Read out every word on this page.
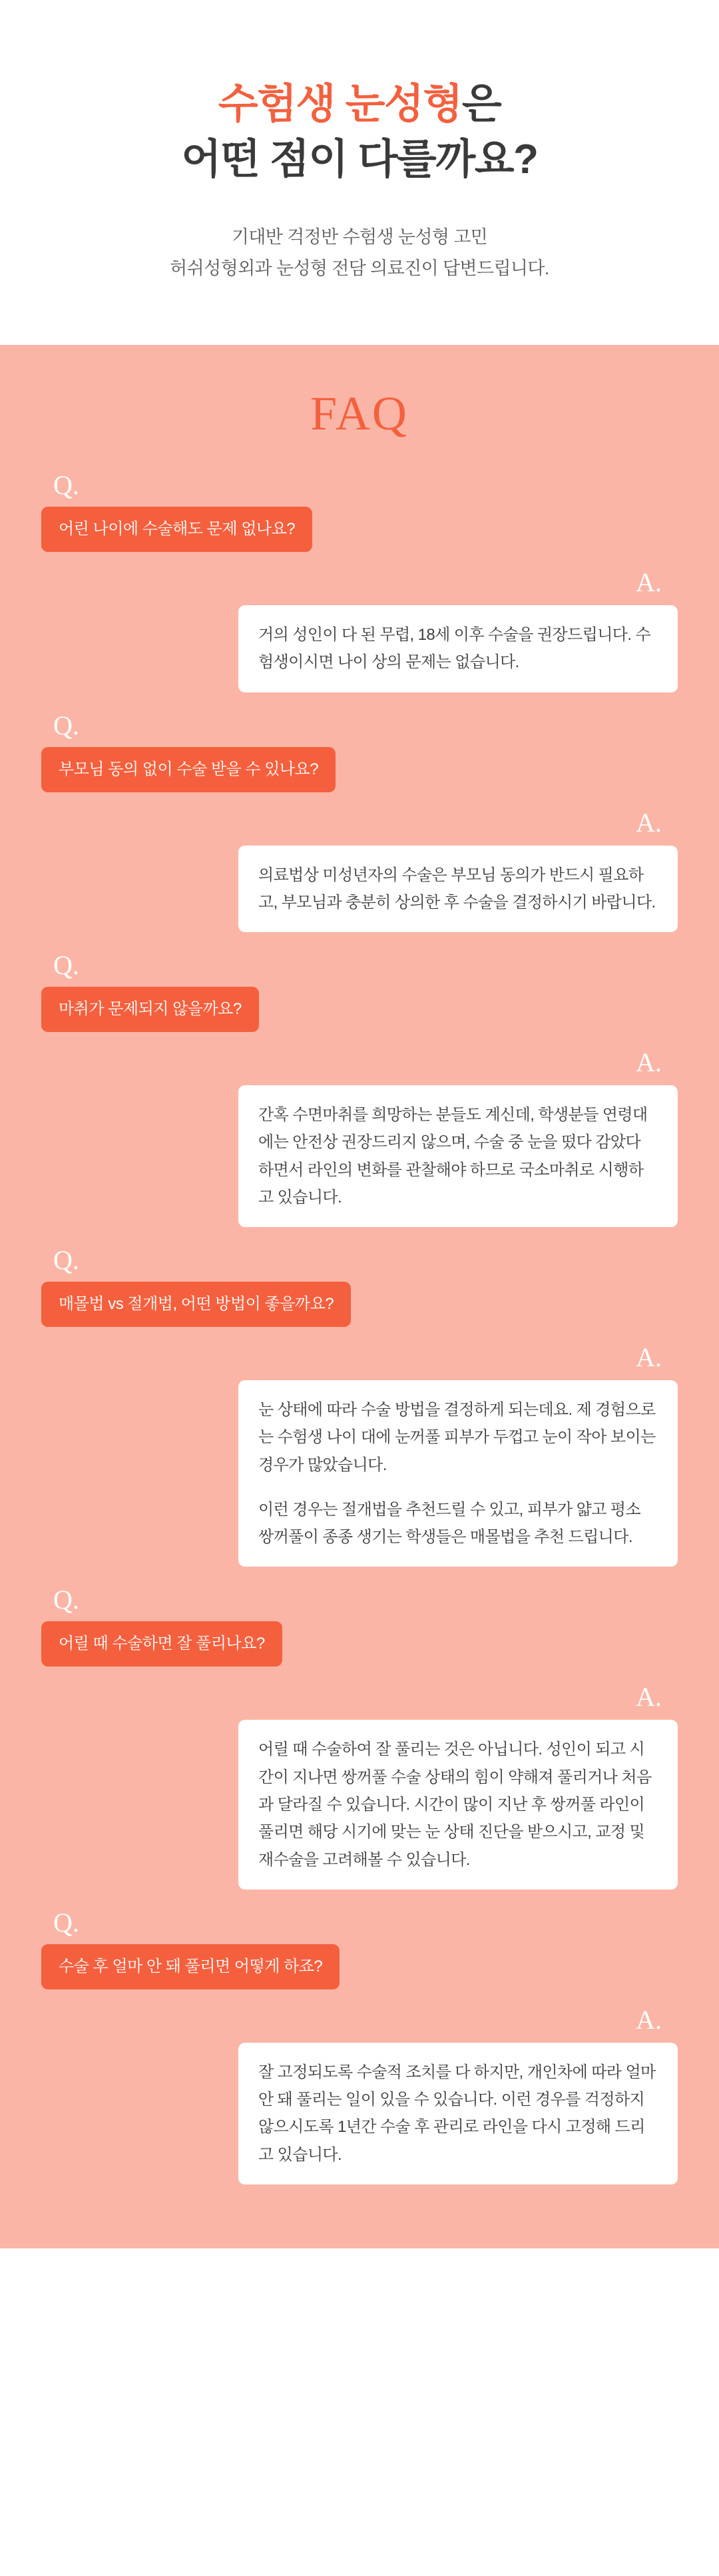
수험생 눈성형은
어떤 점이 다를까요?

기대반 걱정반 수험생 눈성형 고민
허쉬성형외과 눈성형 전담 의료진이 답변드립니다.

FAQ
Q.
어린 나이에 수술해도 문제 없나요?
A.

거의 성인이 다 된 무렵, 18세 이후 수술을 권장드립니다. 수험생이시면 나이 상의 문제는 없습니다.

Q.
부모님 동의 없이 수술 받을 수 있나요?
A.

의료법상 미성년자의 수술은 부모님 동의가 반드시 필요하고, 부모님과 충분히 상의한 후 수술을 결정하시기 바랍니다.

Q.
마취가 문제되지 않을까요?
A.

간혹 수면마취를 희망하는 분들도 계신데, 학생분들 연령대에는 안전상 권장드리지 않으며, 수술 중 눈을 떴다 감았다 하면서 라인의 변화를 관찰해야 하므로 국소마취로 시행하고 있습니다.

Q.
매몰법 vs 절개법, 어떤 방법이 좋을까요?
A.

눈 상태에 따라 수술 방법을 결정하게 되는데요. 제 경험으로는 수험생 나이 대에 눈꺼풀 피부가 두껍고 눈이 작아 보이는 경우가 많았습니다.

이런 경우는 절개법을 추천드릴 수 있고, 피부가 얇고 평소 쌍꺼풀이 종종 생기는 학생들은 매몰법을 추천 드립니다.

Q.
어릴 때 수술하면 잘 풀리나요?
A.

어릴 때 수술하여 잘 풀리는 것은 아닙니다. 성인이 되고 시간이 지나면 쌍꺼풀 수술 상태의 힘이 약해져 풀리거나 처음과 달라질 수 있습니다. 시간이 많이 지난 후 쌍꺼풀 라인이 풀리면 해당 시기에 맞는 눈 상태 진단을 받으시고, 교정 및 재수술을 고려해볼 수 있습니다.

Q.
수술 후 얼마 안 돼 풀리면 어떻게 하죠?
A.

잘 고정되도록 수술적 조치를 다 하지만, 개인차에 따라 얼마 안 돼 풀리는 일이 있을 수 있습니다. 이런 경우를 걱정하지 않으시도록 1년간 수술 후 관리로 라인을 다시 고정해 드리고 있습니다.
